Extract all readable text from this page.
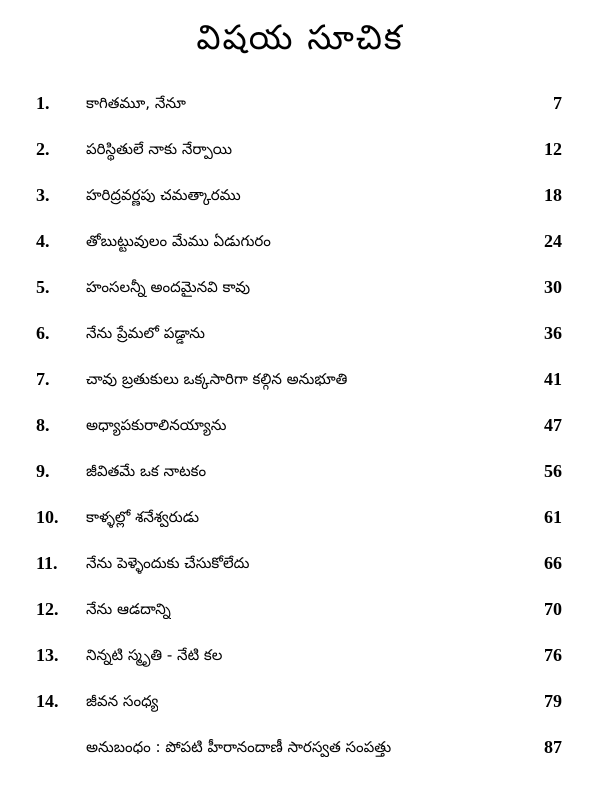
విషయ సూచిక
1. కాగితమూ, నేనూ	7
2. పరిస్థితులే నాకు నేర్పాయి	12
3. హరిద్రవర్ణపు చమత్కారము	18
4. తోబుట్టువులం మేము ఏడుగురం	24
5. హంసలన్నీ అందమైనవి కావు	30
6. నేను ప్రేమలో పడ్డాను	36
7. చావు బ్రతుకులు ఒక్కసారిగా కల్గిన అనుభూతి	41
8. అధ్యాపకురాలినయ్యాను	47
9. జీవితమే ఒక నాటకం	56
10. కాళ్ళల్లో శనేశ్వరుడు	61
11. నేను పెళ్ళెందుకు చేసుకోలేదు	66
12. నేను ఆడదాన్ని	70
13. నిన్నటి స్మృతి - నేటి కల	76
14. జీవన సంధ్య	79
అనుబంధం : పోపటి హీరానందాణీ సారస్వత సంపత్తు	87
